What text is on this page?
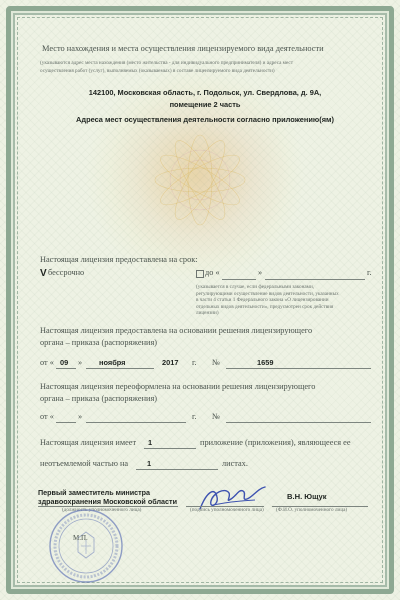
Место нахождения и места осуществления лицензируемого вида деятельности
(указываются адрес места нахождения (место жительства - для индивидуального предпринимателя) и адреса мест
осуществления работ (услуг), выполняемых (оказываемых) в составе лицензируемого вида деятельности)
142100, Московская область, г. Подольск, ул. Свердлова, д. 9А,
помещение 2 часть
Адреса мест осуществления деятельности согласно приложению(ям)
Настоящая лицензия предоставлена на срок:
V бессрочно	до «	»	г.
(указывается в случае, если федеральными законами,
регулирующими осуществление видов деятельности, указанных
в части 4 статьи 1 Федерального закона «О лицензировании
отдельных видов деятельности», предусмотрен срок действия
лицензии)
Настоящая лицензия предоставлена на основании решения лицензирующего
органа – приказа (распоряжения)
от « 09 » ноября	2017 г. №	1659
Настоящая лицензия переоформлена на основании решения лицензирующего
органа – приказа (распоряжения)
от «	»	г. №
Настоящая лицензия имеет 1	приложение (приложения), являющееся ее
неотъемлемой частью на	1	листах.
Первый заместитель министра
здравоохранения Московской области
(должность уполномоченного лица)	(подпись уполномоченного лица)
В.Н. Ющук
(Ф.И.О. уполномоченного лица)
М.П.
